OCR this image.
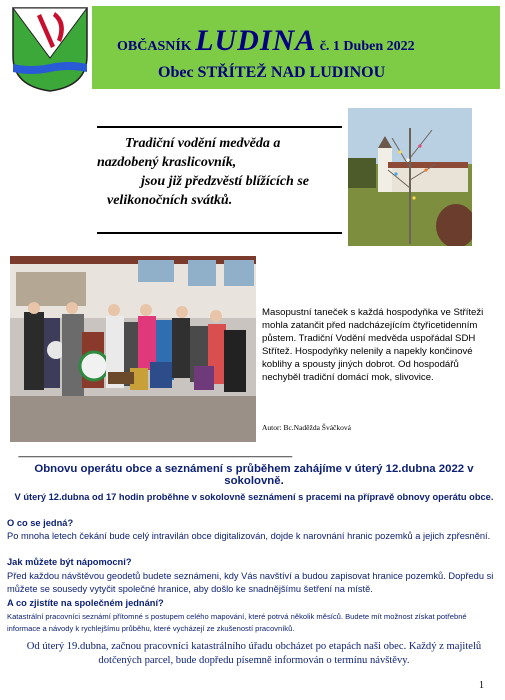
OBČASNÍK LUDINA č. 1 Duben 2022
Obec STŘÍTEŽ NAD LUDINOU
Tradiční vodění medvěda a
nazdobený kraslicovník,
jsou již předzvěstí blížících se
velikonočních svátků.
Masopustní taneček s každá hospodyňka ve Stříteži mohla zatančit před nadcházejícím čtyřicetidenním půstem. Tradiční Vodění medvěda uspořádal SDH Střítež. Hospodyňky nelenily a napekly končinové koblihy a spousty jiných dobrot. Od hospodářů nechyběl tradiční domácí mok, slivovice.
Autor: Bc.Naděžda Šváčková
-----------------------------------------------------------------------------------------------------------------------------------------
Obnovu operátu obce a seznámení s průběhem zahájíme v úterý 12.dubna 2022 v sokolovně.
V úterý 12.dubna od 17 hodin proběhne v sokolovně seznámení s pracemi na přípravě obnovy operátu obce.
O co se jedná?
Po mnoha letech čekání bude celý intravilán obce digitalizován, dojde k narovnání hranic pozemků a jejich zpřesnění.
Jak můžete být nápomocni?
Před každou návštěvou geodetů budete seznámeni, kdy Vás navštíví a budou zapisovat hranice pozemků. Dopředu si můžete se sousedy vytyčit společné hranice, aby došlo ke snadnějšímu šetření na místě.
A co zjistíte na společném jednání?
Katastrální pracovníci seznámí přítomné s postupem celého mapování, které potrvá několik měsíců. Budete mít možnost získat potřebné informace a návody k rychlejšímu průběhu, které vycházejí ze zkušeností pracovníků.
Od úterý 19.dubna, začnou pracovníci katastrálního úřadu obcházet po etapách naši obec. Každý z majitelů dotčených parcel, bude dopředu písemně informován o termínu návštěvy.
1
